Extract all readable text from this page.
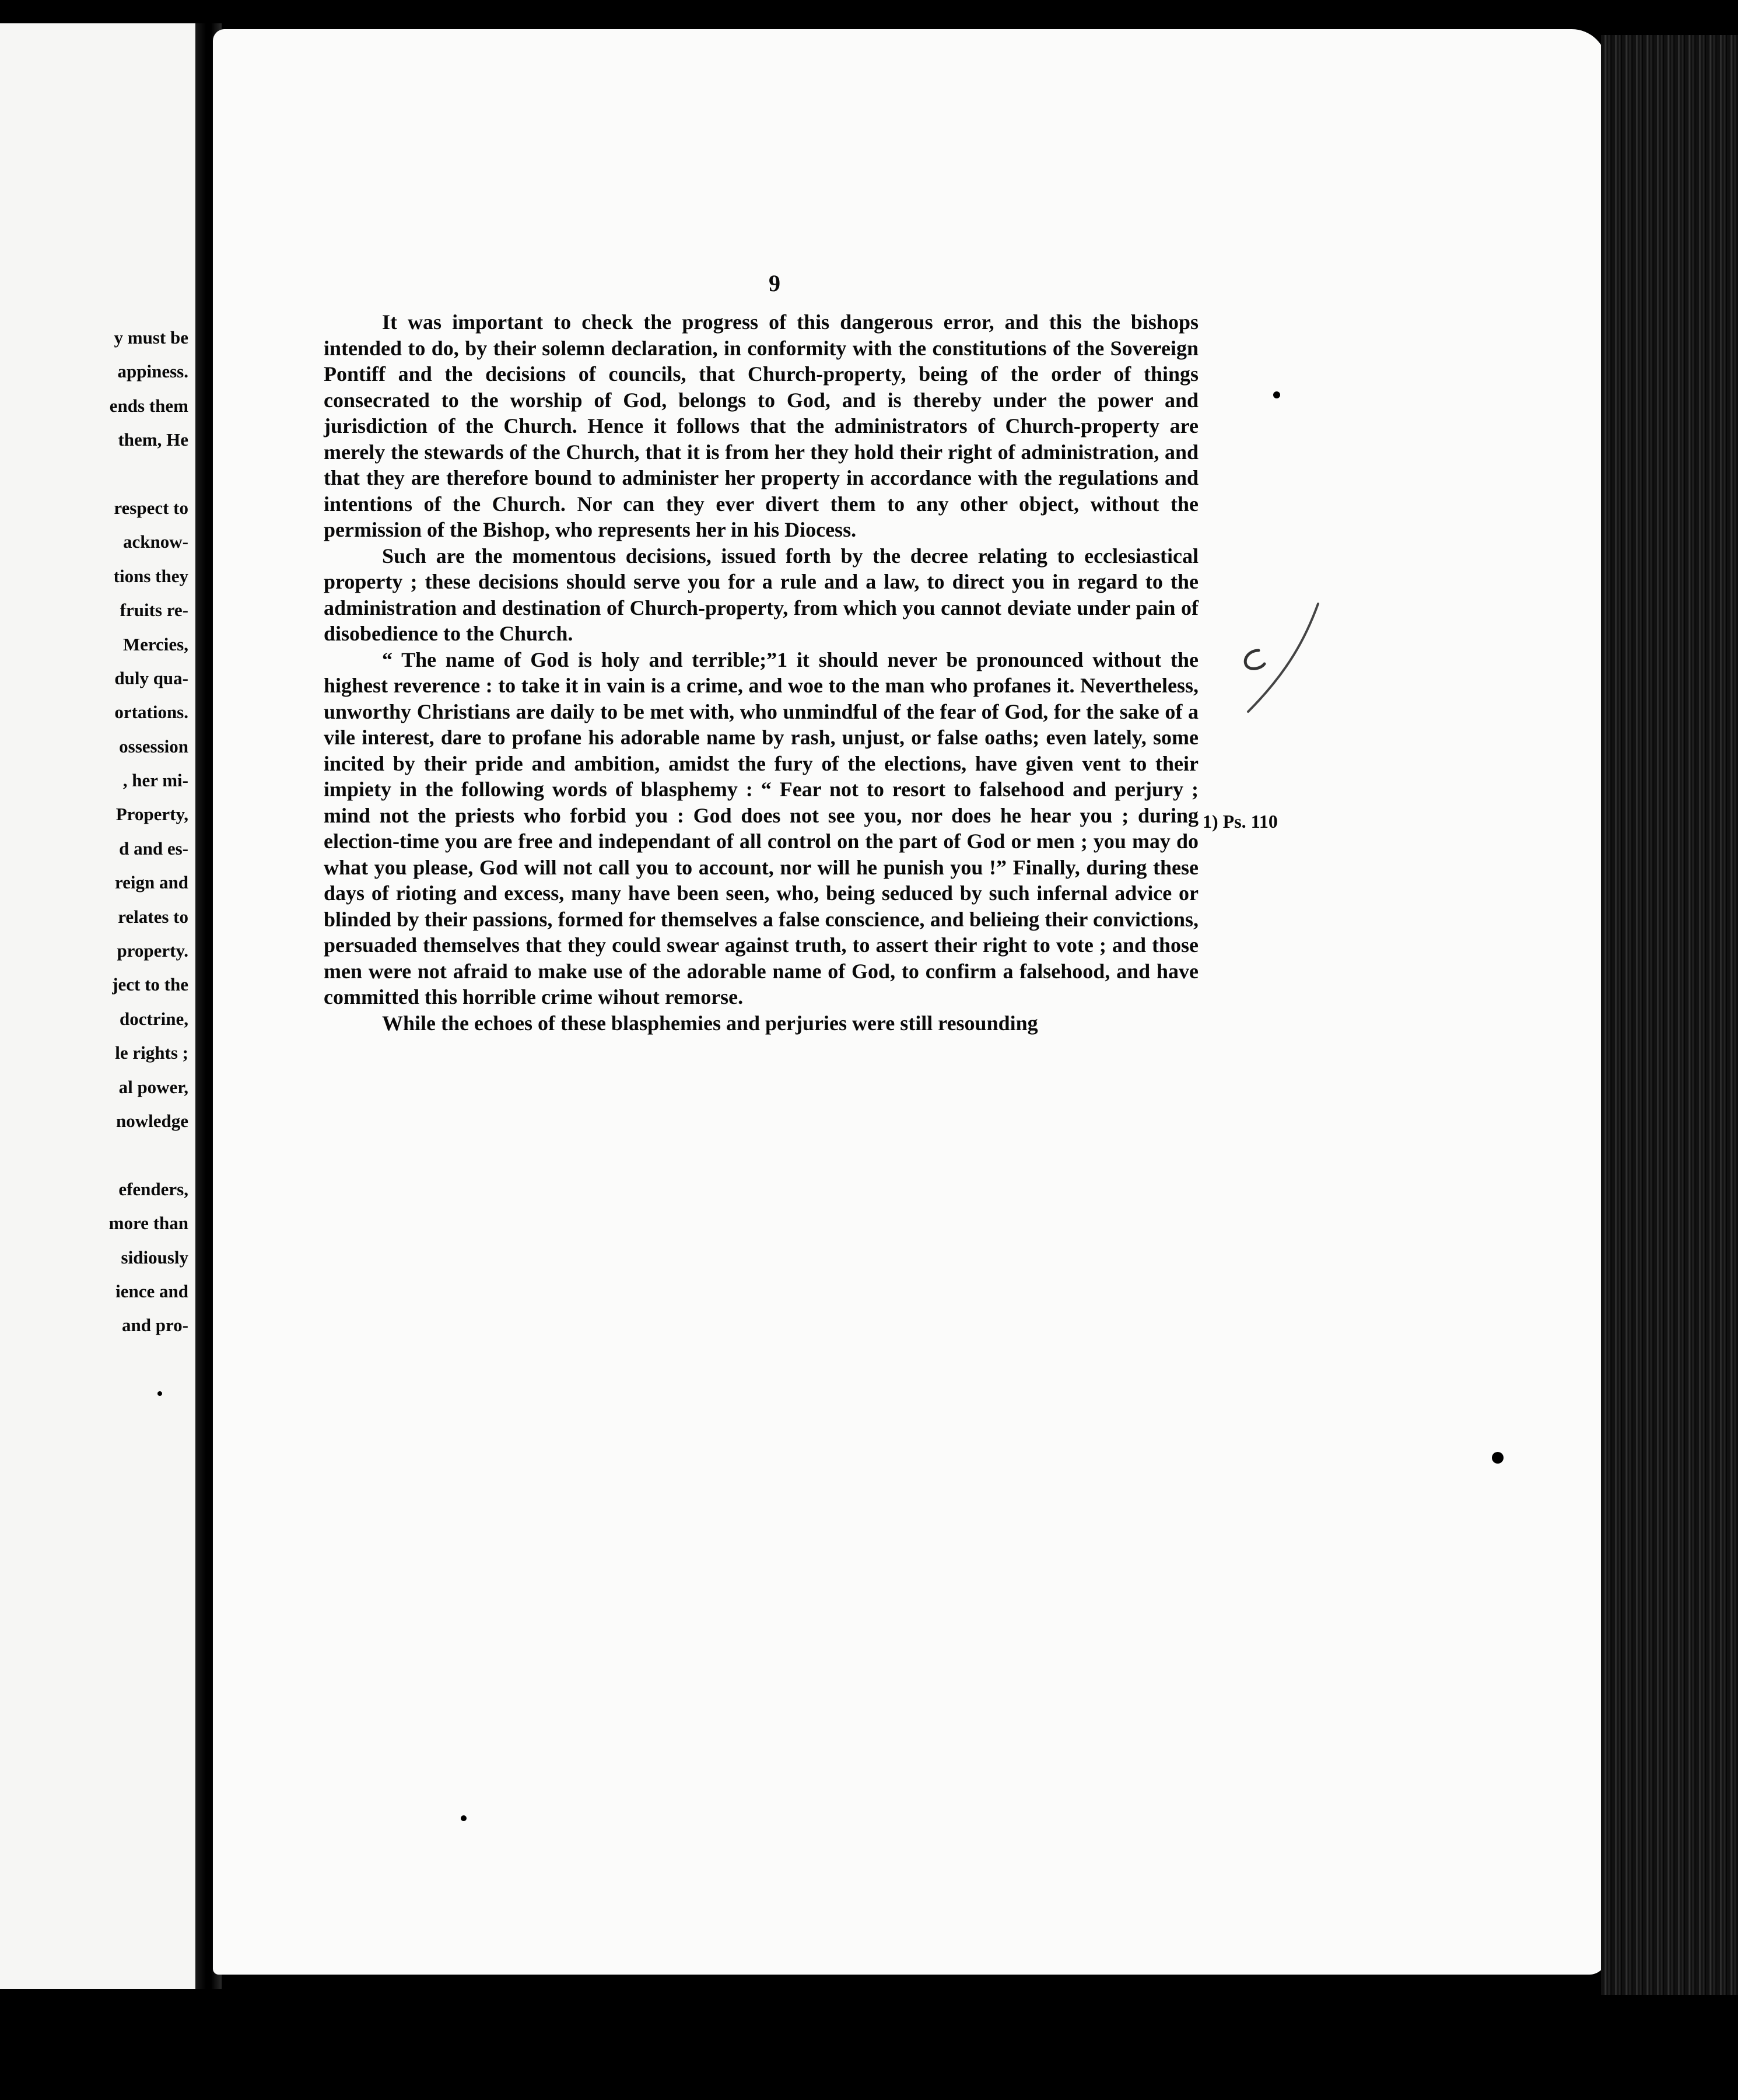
y must be
appiness.
ends them
them, He
respect to
acknow-
tions they
fruits re-
Mercies,
duly qua-
ortations.
ossession
, her mi-
Property,
d and es-
reign and
relates to
property.
ject to the
doctrine,
le rights ;
al power,
nowledge
efenders,
more than
sidiously
ience and
and pro-
9

It was important to check the progress of this dangerous error, and this the bishops intended to do, by their solemn declaration, in conformity with the constitutions of the Sovereign Pontiff and the decisions of councils, that Church-property, being of the order of things consecrated to the worship of God, belongs to God, and is thereby under the power and jurisdiction of the Church. Hence it follows that the administrators of Church-property are merely the stewards of the Church, that it is from her they hold their right of administration, and that they are therefore bound to administer her property in accordance with the regulations and intentions of the Church. Nor can they ever divert them to any other object, without the permission of the Bishop, who represents her in his Diocess.

Such are the momentous decisions, issued forth by the decree relating to ecclesiastical property ; these decisions should serve you for a rule and a law, to direct you in regard to the administration and destination of Church-property, from which you cannot deviate under pain of disobedience to the Church.

“ The name of God is holy and terrible;”1 it should never be pronounced without the highest reverence : to take it in vain is a crime, and woe to the man who profanes it. Nevertheless, unworthy Christians are daily to be met with, who unmindful of the fear of God, for the sake of a vile interest, dare to profane his adorable name by rash, unjust, or false oaths; even lately, some incited by their pride and ambition, amidst the fury of the elections, have given vent to their impiety in the following words of blasphemy : “ Fear not to resort to falsehood and perjury ; mind not the priests who forbid you : God does not see you, nor does he hear you ; during election-time you are free and independant of all control on the part of God or men ; you may do what you please, God will not call you to account, nor will he punish you !” Finally, during these days of rioting and excess, many have been seen, who, being seduced by such infernal advice or blinded by their passions, formed for themselves a false conscience, and belieing their convictions, persuaded themselves that they could swear against truth, to assert their right to vote ; and those men were not afraid to make use of the adorable name of God, to confirm a falsehood, and have committed this horrible crime wihout remorse.

While the echoes of these blasphemies and perjuries were still resounding

1) Ps. 110
